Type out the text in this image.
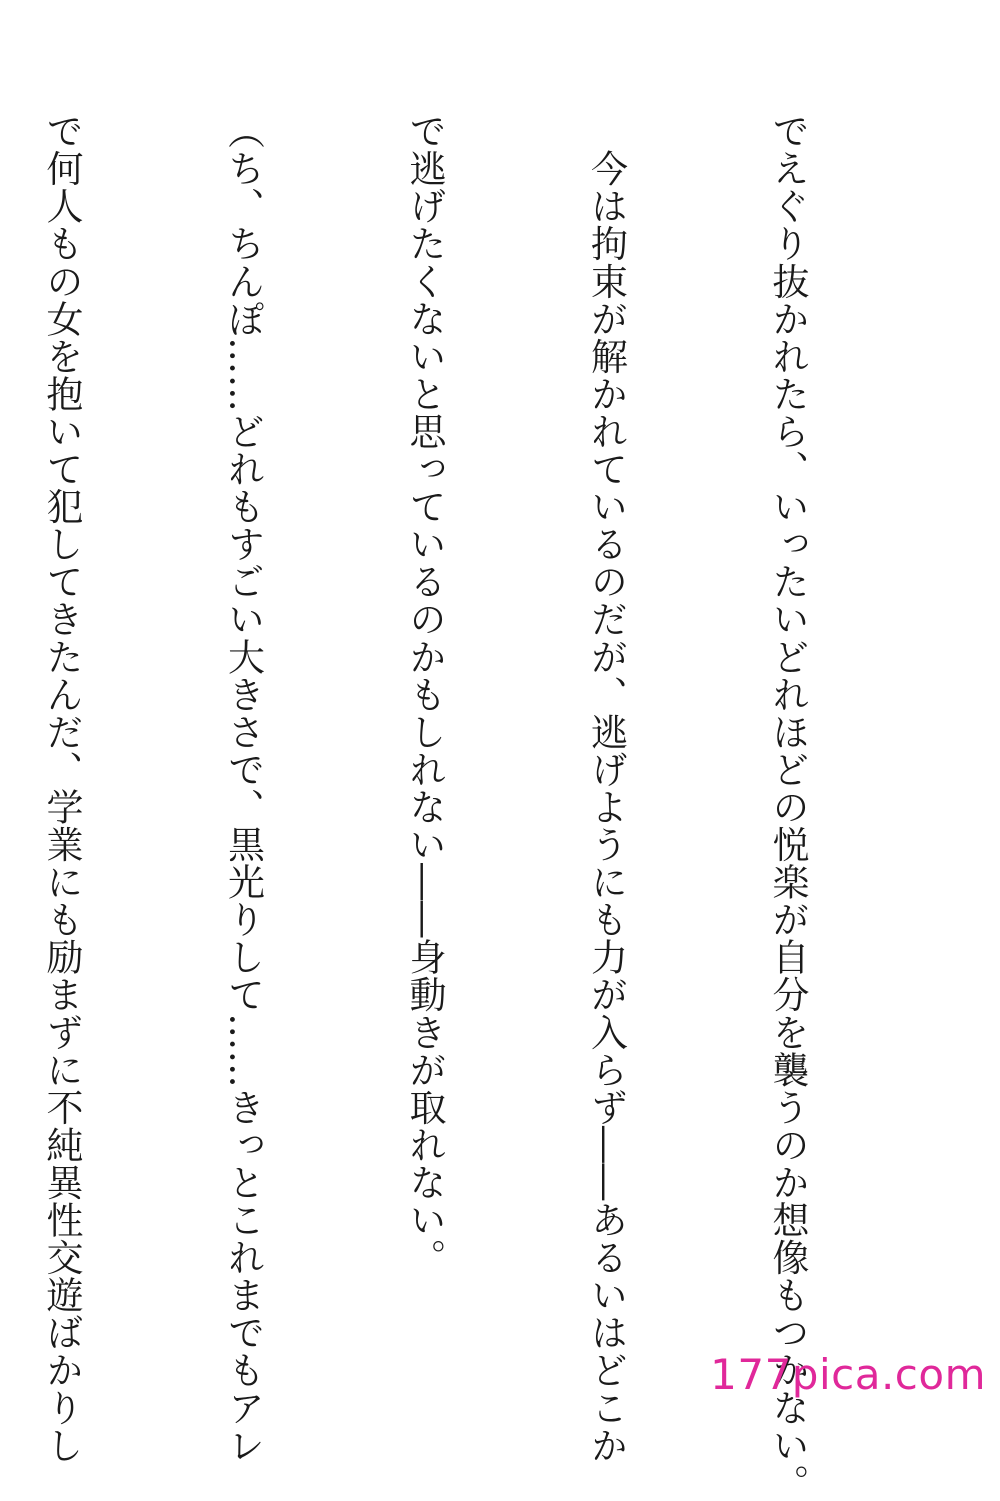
でえぐり抜かれたら、いったいどれほどの悦楽が自分を襲うのか想像もつかない。

　今は拘束が解かれているのだが、逃げようにも力が入らず――あるいはどこか

で逃げたくないと思っているのかもしれない――身動きが取れない。

（ち、ちんぽ……どれもすごい大きさで、黒光りして……きっとこれまでもアレ

で何人もの女を抱いて犯してきたんだ、学業にも励まずに不純異性交遊ばかりし

	177pica.com
